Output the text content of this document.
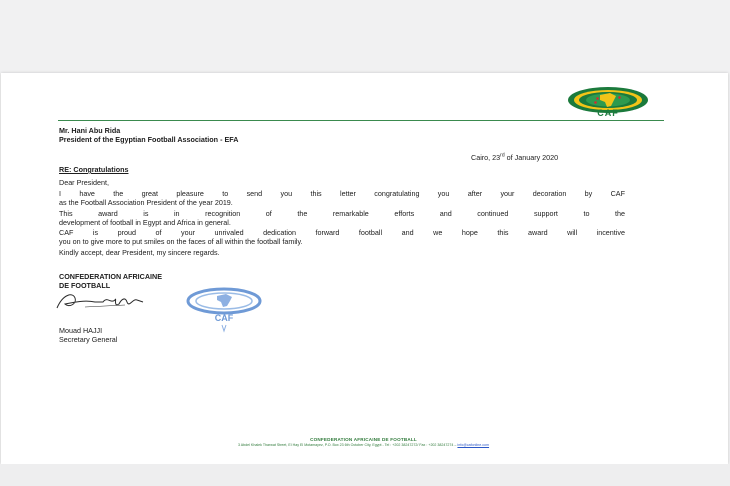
CAF
Mr. Hani Abu Rida
President of the Egyptian Football Association - EFA
Cairo, 23rd of January 2020
RE: Congratulations
Dear President,
I have the great pleasure to send you this letter congratulating you after your decoration by CAF
as the Football Association President of the year 2019.
This award is in recognition of the remarkable efforts and continued support to the
development of football in Egypt and Africa in general.
CAF is proud of your unrivaled dedication forward football and we hope this award will incentive
you on to give more to put smiles on the faces of all within the football family.
Kindly accept, dear President, my sincere regards.
CONFEDERATION AFRICAINE
DE FOOTBALL
CAF
Mouad HAJJI
Secretary General
CONFEDERATION AFRICAINE DE FOOTBALL
3 Abdel Khalek Tharwat Street, El Hay El Motamayez, P.O. Box 23 6th October City, Egypt - Tel : +202 38247272/ Fax : +202 38247274 – info@cafonline.com
